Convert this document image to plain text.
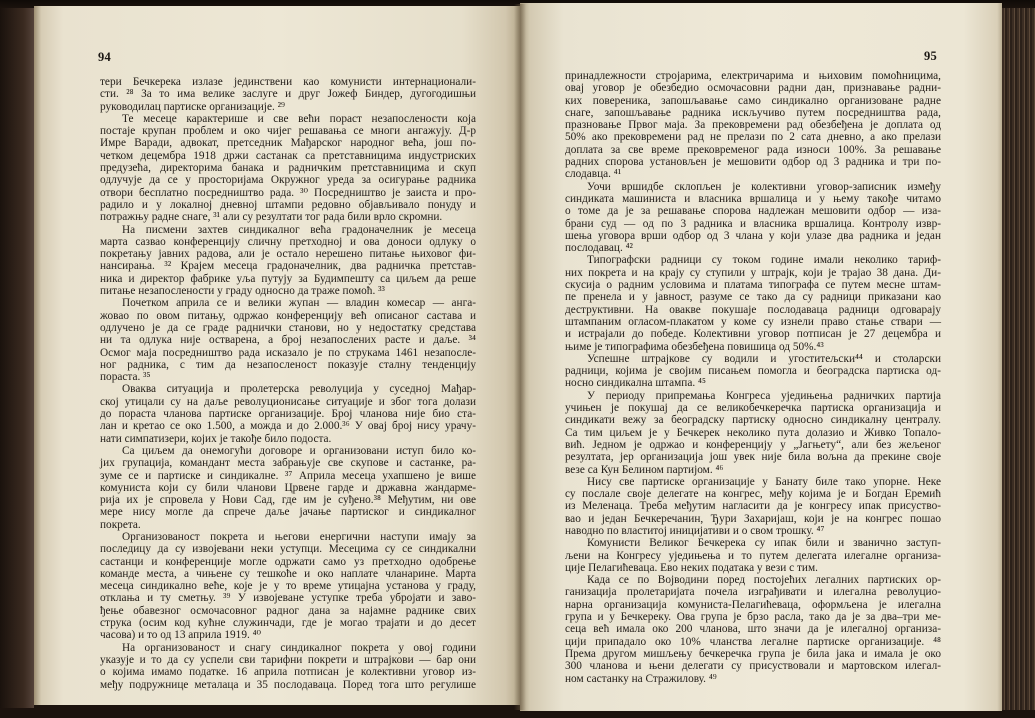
94
тери Бечкерека излазе јединствени као комунисти интернационали-
сти. ²⁸ За то има велике заслуге и друг Јожеф Биндер, дугогодишњи
руководилац партиске организације. ²⁹
Те месеце карактерише и све већи пораст незапослености која
постаје крупан проблем и око чијег решавања се многи ангажују. Д-р
Имре Варади, адвокат, претседник Мађарског народног већа, још по-
четком децембра 1918 држи састанак са претставницима индустриских
предузећа, директорима банака и радничким претставницима и скуп
одлучује да се у просторијама Окружног уреда за осигурање радника
отвори бесплатно посредништво рада. ³⁰ Посредништво је заиста и про-
радило и у локалној дневној штампи редовно објављивало понуду и
потражњу радне снаге, ³¹ али су резултати тог рада били врло скромни.
На писмени захтев синдикалног већа градоначелник је месеца
марта сазвао конференцију сличну претходној и ова доноси одлуку о
покретању јавних радова, али је остало нерешено питање њиховог фи-
нансирања. ³² Крајем месеца градоначелник, два радничка претстав-
ника и директор фабрике уља путују за Будимпешту са циљем да реше
питање незапослености у граду односно да траже помоћ. ³³
Почетком априла се и велики жупан — владин комесар — анга-
жовао по овом питању, одржао конференцију већ описаног састава и
одлучено је да се граде раднички станови, но у недостатку средстава
ни та одлука није остварена, а број незапослених расте и даље. ³⁴
Осмог маја посредништво рада исказало је по струкама 1461 незапосле-
ног радника, с тим да незапосленост показује сталну тенденцију
пораста. ³⁵
Оваква ситуација и пролетерска револуција у суседној Мађар-
ској утицали су на даље револуционисање ситуације и због тога долази
до пораста чланова партиске организације. Број чланова није био ста-
лан и кретао се око 1.500, а можда и до 2.000.³⁶ У овај број нису урачу-
нати симпатизери, којих је такође било подоста.
Са циљем да онемогући договоре и организовани иступ било ко-
јих групација, командант места забрањује све скупове и састанке, ра-
зуме се и партиске и синдикалне. ³⁷ Априла месеца ухапшено је више
комуниста који су били чланови Црвене гарде и државна жандарме-
рија их је спровела у Нови Сад, где им је суђено.³⁸ Међутим, ни ове
мере нису могле да спрече даље јачање партиског и синдикалног
покрета.
Организованост покрета и његови енергични наступи имају за
последицу да су извојевани неки уступци. Месецима су се синдикални
састанци и конференције могле одржати само уз претходно одобрење
команде места, а чињене су тешкоће и око наплате чланарине. Марта
месеца синдикално веће, које је у то време утицајна установа у граду,
отклања и ту сметњу. ³⁹ У извојеване уступке треба убројати и заво-
ђење обавезног осмочасовног радног дана за најамне раднике свих
струка (осим код кућне служинчади, где је могао трајати и до десет
часова) и то од 13 априла 1919. ⁴⁰
На организованост и снагу синдикалног покрета у овој години
указује и то да су успели сви тарифни покрети и штрајкови — бар они
о којима имамо податке. 16 априла потписан је колективни уговор из-
међу подружнице металаца и 35 послодаваца. Поред тога што регулише
95
принадлежности стројарима, електричарима и њиховим помоћницима,
овај уговор је обезбедио осмочасовни радни дан, признавање радни-
ких повереника, запошљавање само синдикално организоване радне
снаге, запошљавање радника искључиво путем посредништва рада,
празновање Првог маја. За прековремени рад обезбеђена је доплата од
50% ако прековремени рад не прелази по 2 сата дневно, а ако прелази
доплата за све време прековременог рада износи 100%. За решавање
радних спорова установљен је мешовити одбор од 3 радника и три по-
слодавца. ⁴¹
Уочи вршидбе склопљен је колективни уговор-записник између
синдиката машиниста и власника вршалица и у њему такође читамо
о томе да је за решавање спорова надлежан мешовити одбор — иза-
брани суд — од по 3 радника и власника вршалица. Контролу извр-
шења уговора врши одбор од 3 члана у који улазе два радника и један
послодавац. ⁴²
Типографски радници су током године имали неколико тариф-
них покрета и на крају су ступили у штрајк, који је трајао 38 дана. Ди-
скусија о радним условима и платама типографа се путем месне штам-
пе пренела и у јавност, разуме се тако да су радници приказани као
деструктивни. На овакве покушаје послодаваца радници одговарају
штампаним огласом-плакатом у коме су изнели право стање ствари —
и истрајали до победе. Колективни уговор потписан је 27 децембра и
њиме је типографима обезбеђена повишица од 50%.⁴³
Успешне штрајкове су водили и угоститељски⁴⁴ и столарски
радници, којима је својим писањем помогла и београдска партиска од-
носно синдикална штампа. ⁴⁵
У периоду припремања Конгреса уједињења радничких партија
учињен је покушај да се великобечкеречка партиска организација и
синдикати вежу за београдску партиску односно синдикалну централу.
Са тим циљем је у Бечкерек неколико пута долазио и Живко Топало-
вић. Једном је одржао и конференцију у „Јагњету“, али без жељеног
резултата, јер организација још увек није била вољна да прекине своје
везе са Кун Белином партијом. ⁴⁶
Нису све партиске организације у Банату биле тако упорне. Неке
су послале своје делегате на конгрес, међу којима је и Богдан Еремић
из Меленаца. Треба међутим нагласити да је конгресу ипак присуство-
вао и један Бечкеречанин, Ђури Захаријаш, који је на конгрес пошао
наводно по властитој иницијативи и о свом трошку. ⁴⁷
Комунисти Великог Бечкерека су ипак били и званично заступ-
љени на Конгресу уједињења и то путем делегата илегалне организа-
ције Пелагићеваца. Ево неких података у вези с тим.
Када се по Војводини поред постојећих легалних партиских ор-
ганизација пролетаријата почела изграђивати и илегална револуцио-
нарна организација комуниста-Пелагићеваца, оформљена је илегална
група и у Бечкереку. Ова група је брзо расла, тако да је за два–три ме-
сеца већ имала око 200 чланова, што значи да је илегалној организа-
цији припадало око 10% чланства легалне партиске организације. ⁴⁸
Према другом мишљењу бечкеречка група је била јака и имала је око
300 чланова и њени делегати су присуствовали и мартовском илегал-
ном састанку на Стражилову. ⁴⁹
